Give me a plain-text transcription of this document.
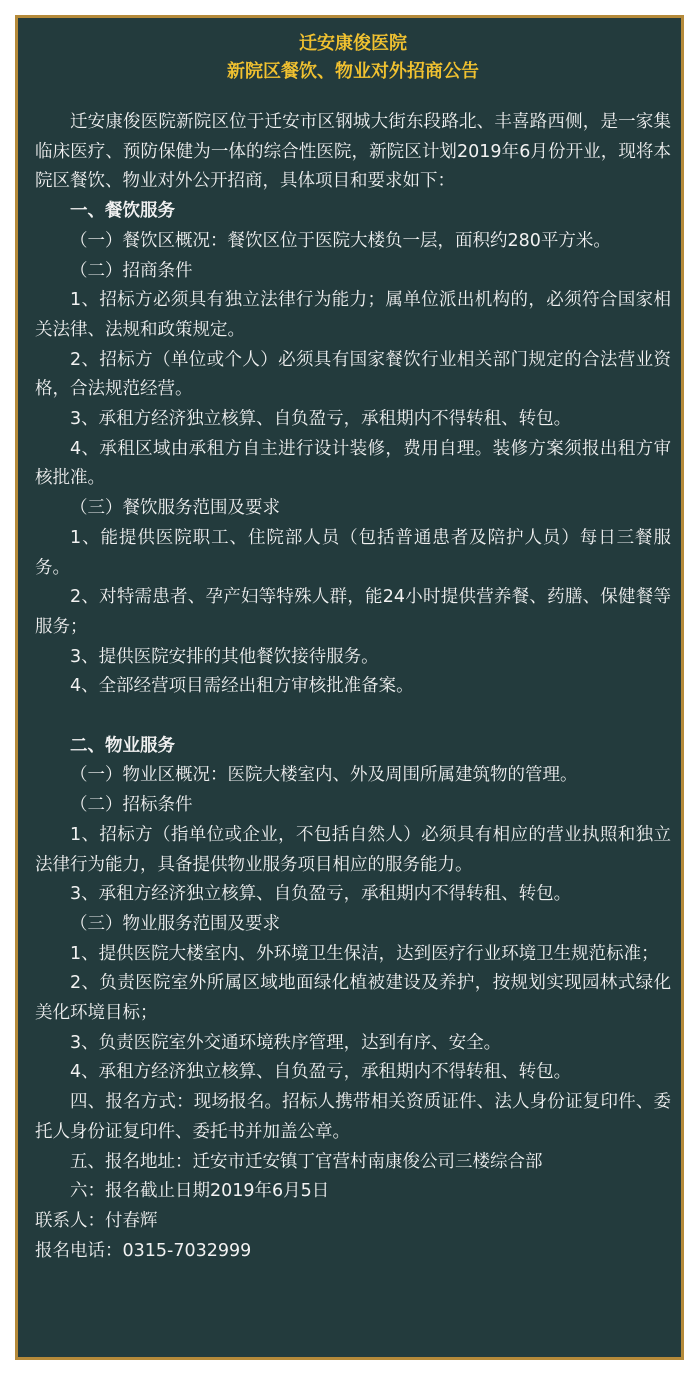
迁安康俊医院

新院区餐饮、物业对外招商公告

迁安康俊医院新院区位于迁安市区钢城大街东段路北、丰喜路西侧，是一家集临床医疗、预防保健为一体的综合性医院，新院区计划2019年6月份开业，现将本院区餐饮、物业对外公开招商，具体项目和要求如下：

一、餐饮服务

（一）餐饮区概况：餐饮区位于医院大楼负一层，面积约280平方米。

（二）招商条件

1、招标方必须具有独立法律行为能力；属单位派出机构的，必须符合国家相关法律、法规和政策规定。

2、招标方（单位或个人）必须具有国家餐饮行业相关部门规定的合法营业资格，合法规范经营。

3、承租方经济独立核算、自负盈亏，承租期内不得转租、转包。

4、承租区域由承租方自主进行设计装修，费用自理。装修方案须报出租方审核批准。

（三）餐饮服务范围及要求

1、能提供医院职工、住院部人员（包括普通患者及陪护人员）每日三餐服务。

2、对特需患者、孕产妇等特殊人群，能24小时提供营养餐、药膳、保健餐等服务；

3、提供医院安排的其他餐饮接待服务。

4、全部经营项目需经出租方审核批准备案。

二、物业服务

（一）物业区概况：医院大楼室内、外及周围所属建筑物的管理。

（二）招标条件

1、招标方（指单位或企业，不包括自然人）必须具有相应的营业执照和独立法律行为能力，具备提供物业服务项目相应的服务能力。

3、承租方经济独立核算、自负盈亏，承租期内不得转租、转包。

（三）物业服务范围及要求

1、提供医院大楼室内、外环境卫生保洁，达到医疗行业环境卫生规范标准；

2、负责医院室外所属区域地面绿化植被建设及养护，按规划实现园林式绿化美化环境目标；

3、负责医院室外交通环境秩序管理，达到有序、安全。

4、承租方经济独立核算、自负盈亏，承租期内不得转租、转包。

四、报名方式：现场报名。招标人携带相关资质证件、法人身份证复印件、委托人身份证复印件、委托书并加盖公章。

五、报名地址：迁安市迁安镇丁官营村南康俊公司三楼综合部

六：报名截止日期2019年6月5日

联系人：付春辉

报名电话：0315-7032999
